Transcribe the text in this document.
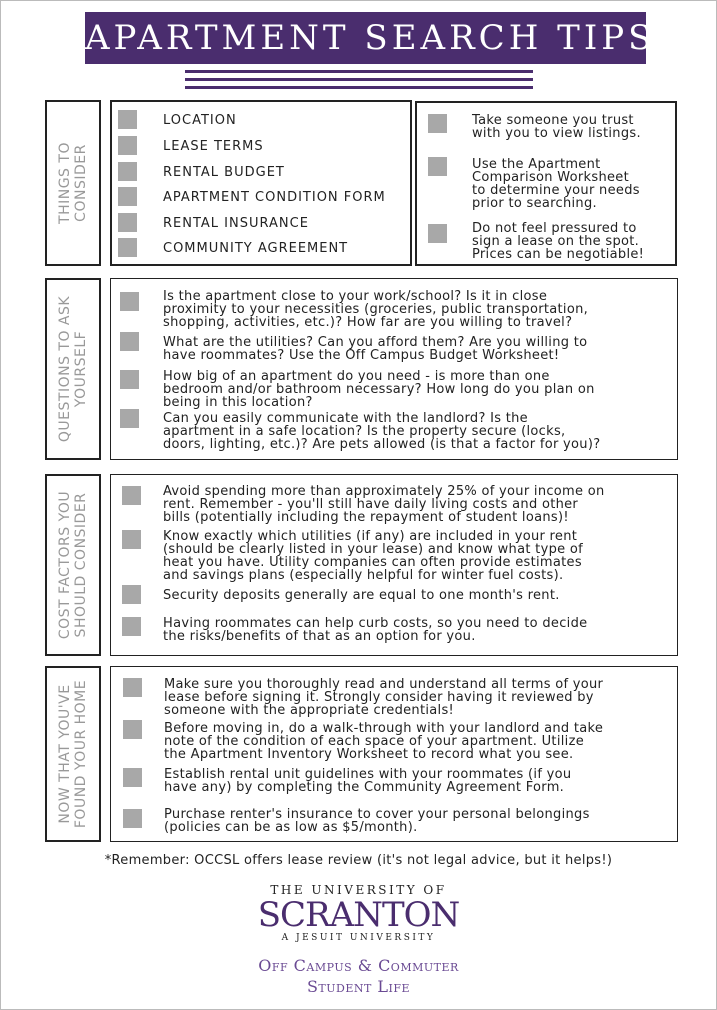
APARTMENT SEARCH TIPS
THINGS TO CONSIDER
LOCATION
LEASE TERMS
RENTAL BUDGET
APARTMENT CONDITION FORM
RENTAL INSURANCE
COMMUNITY AGREEMENT
Take someone you trust
with you to view listings.
Use the Apartment
Comparison Worksheet
to determine your needs
prior to searching.
Do not feel pressured to
sign a lease on the spot.
Prices can be negotiable!
QUESTIONS TO ASK YOURSELF
Is the apartment close to your work/school? Is it in close
proximity to your necessities (groceries, public transportation,
shopping, activities, etc.)? How far are you willing to travel?
What are the utilities? Can you afford them? Are you willing to
have roommates? Use the Off Campus Budget Worksheet!
How big of an apartment do you need - is more than one
bedroom and/or bathroom necessary? How long do you plan on
being in this location?
Can you easily communicate with the landlord? Is the
apartment in a safe location? Is the property secure (locks,
doors, lighting, etc.)? Are pets allowed (is that a factor for you)?
COST FACTORS YOU SHOULD CONSIDER
Avoid spending more than approximately 25% of your income on
rent. Remember - you'll still have daily living costs and other
bills (potentially including the repayment of student loans)!
Know exactly which utilities (if any) are included in your rent
(should be clearly listed in your lease) and know what type of
heat you have. Utility companies can often provide estimates
and savings plans (especially helpful for winter fuel costs).
Security deposits generally are equal to one month's rent.
Having roommates can help curb costs, so you need to decide
the risks/benefits of that as an option for you.
NOW THAT YOU'VE FOUND YOUR HOME	Make sure you thoroughly read and understand all terms of your
lease before signing it. Strongly consider having it reviewed by
someone with the appropriate credentials!
Before moving in, do a walk-through with your landlord and take
note of the condition of each space of your apartment. Utilize
the Apartment Inventory Worksheet to record what you see.
Establish rental unit guidelines with your roommates (if you
have any) by completing the Community Agreement Form.
Purchase renter's insurance to cover your personal belongings
(policies can be as low as $5/month).
*Remember: OCCSL offers lease review (it's not legal advice, but it helps!)
THE UNIVERSITY OF
SCRANTON
A JESUIT UNIVERSITY
Off Campus & Commuter
Student Life
